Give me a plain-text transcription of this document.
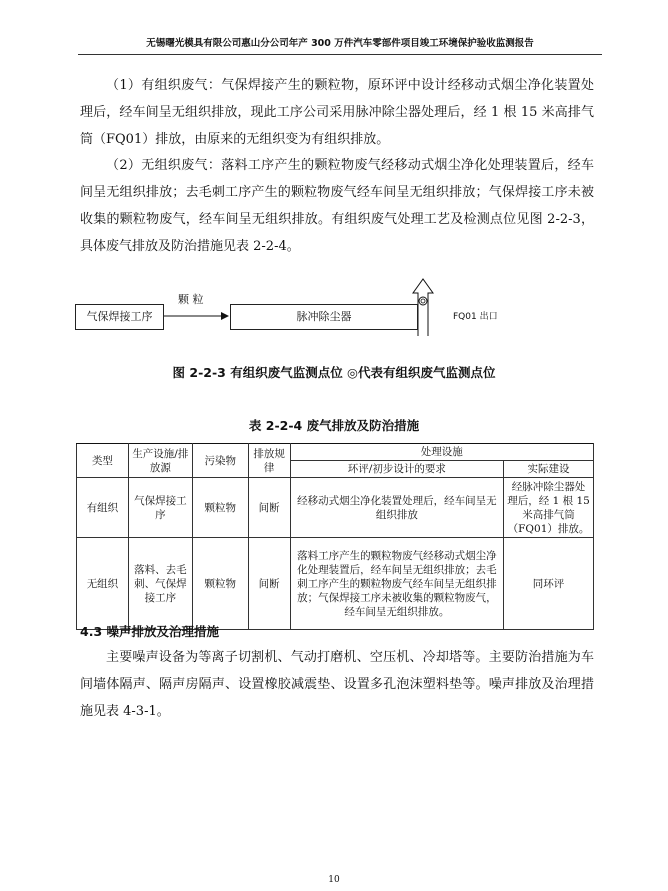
无锡曙光模具有限公司惠山分公司年产 300 万件汽车零部件项目竣工环境保护验收监测报告

（1）有组织废气：气保焊接产生的颗粒物，原环评中设计经移动式烟尘净化装置处理后，经车间呈无组织排放，现此工序公司采用脉冲除尘器处理后，经 1 根 15 米高排气筒（FQ01）排放，由原来的无组织变为有组织排放。

（2）无组织废气：落料工序产生的颗粒物废气经移动式烟尘净化处理装置后，经车间呈无组织排放；去毛刺工序产生的颗粒物废气经车间呈无组织排放；气保焊接工序未被收集的颗粒物废气，经车间呈无组织排放。有组织废气处理工艺及检测点位见图 2-2-3，具体废气排放及防治措施见表 2-2-4。

气保焊接工序	脉冲除尘器
颗 粒
FQ01 出口
图 2-2-3 有组织废气监测点位 ◎代表有组织废气监测点位
表 2-2-4 废气排放及防治措施
类型	生产设施/排放源	污染物	排放规律	处理设施	
				环评/初步设计的要求	实际建设
有组织	气保焊接工序	颗粒物	间断	经移动式烟尘净化装置处理后，经车间呈无组织排放	经脉冲除尘器处理后，经 1 根 15 米高排气筒（FQ01）排放。
无组织	落料、去毛刺、气保焊接工序	颗粒物	间断	落料工序产生的颗粒物废气经移动式烟尘净化处理装置后，经车间呈无组织排放；去毛刺工序产生的颗粒物废气经车间呈无组织排放；气保焊接工序未被收集的颗粒物废气，经车间呈无组织排放。	同环评
4.3 噪声排放及治理措施

主要噪声设备为等离子切割机、气动打磨机、空压机、冷却塔等。主要防治措施为车间墙体隔声、隔声房隔声、设置橡胶减震垫、设置多孔泡沫塑料垫等。噪声排放及治理措施见表 4-3-1。

10
